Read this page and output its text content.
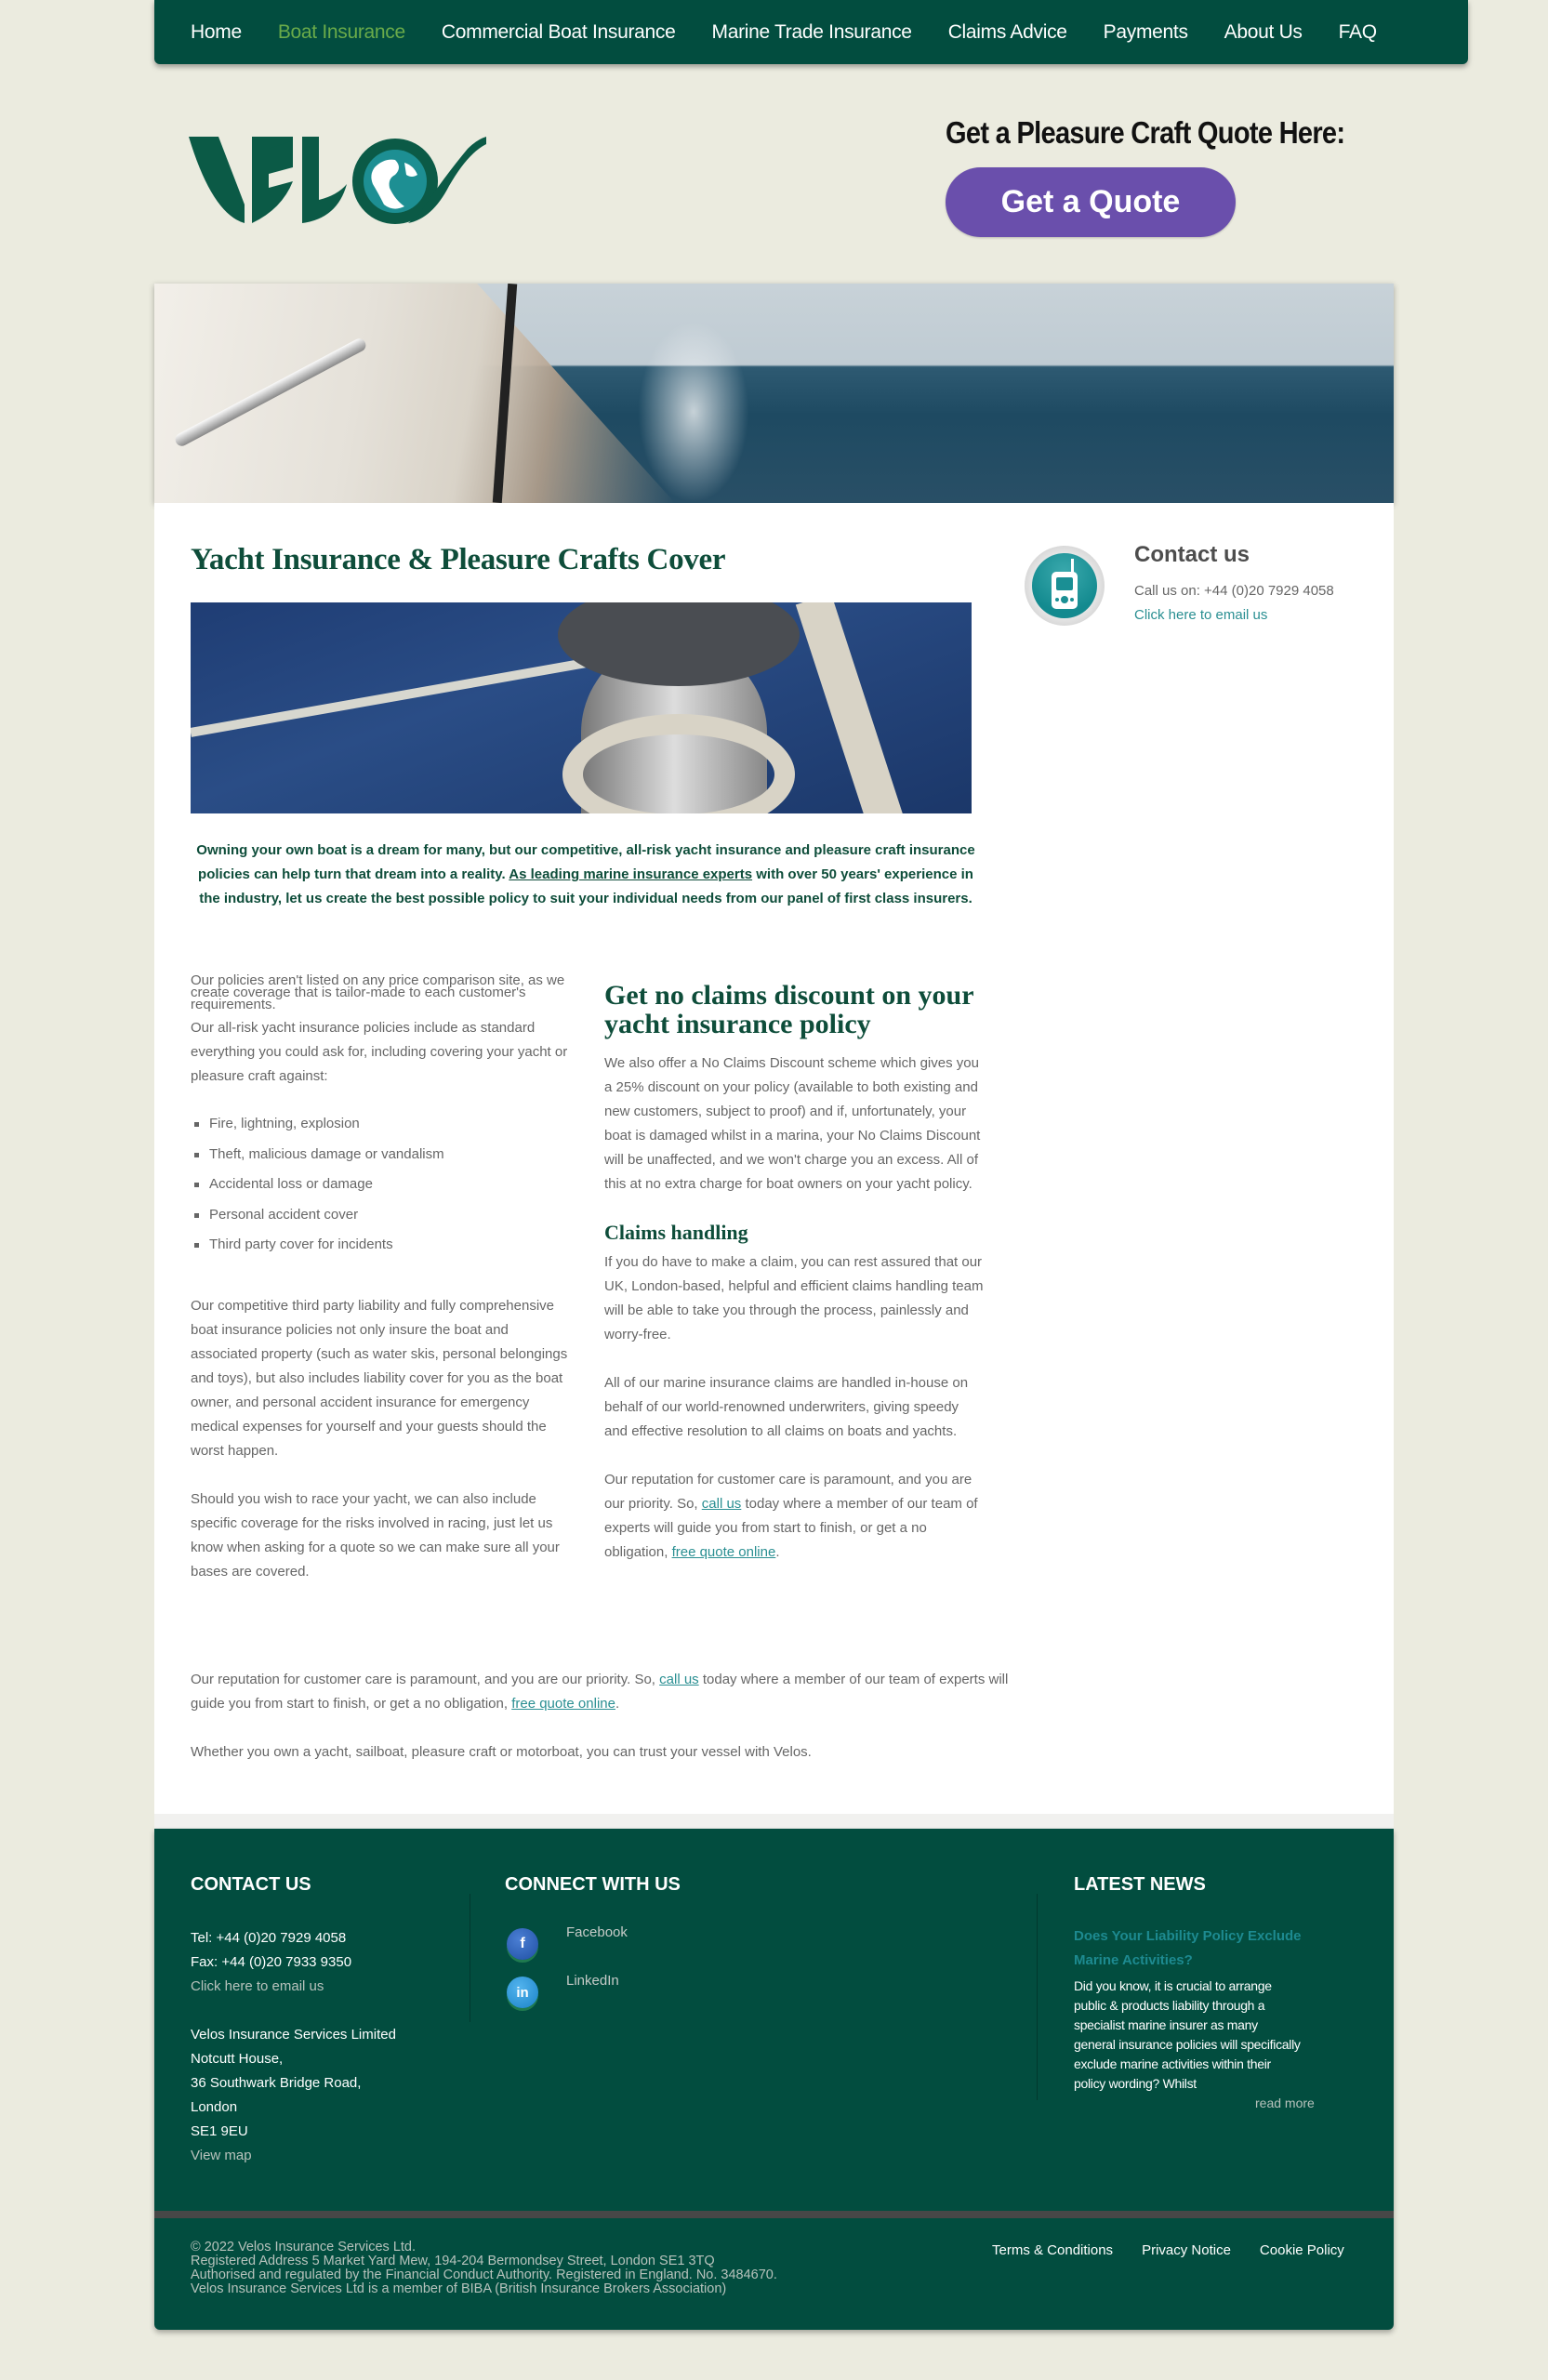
Home Boat Insurance Commercial Boat Insurance Marine Trade Insurance Claims Advice Payments About Us FAQ
Get a Pleasure Craft Quote Here:
Get a Quote
Yacht Insurance & Pleasure Crafts Cover

Owning your own boat is a dream for many, but our competitive, all-risk yacht insurance and pleasure craft insurance policies can help turn that dream into a reality. As leading marine insurance experts with over 50 years' experience in the industry, let us create the best possible policy to suit your individual needs from our panel of first class insurers.

Our policies aren't listed on any price comparison site, as we create coverage that is tailor-made to each customer's requirements.

Our all-risk yacht insurance policies include as standard everything you could ask for, including covering your yacht or pleasure craft against:

Fire, lightning, explosion
Theft, malicious damage or vandalism
Accidental loss or damage
Personal accident cover
Third party cover for incidents

Our competitive third party liability and fully comprehensive boat insurance policies not only insure the boat and associated property (such as water skis, personal belongings and toys), but also includes liability cover for you as the boat owner, and personal accident insurance for emergency medical expenses for yourself and your guests should the worst happen.

Should you wish to race your yacht, we can also include specific coverage for the risks involved in racing, just let us know when asking for a quote so we can make sure all your bases are covered.

Get no claims discount on your yacht insurance policy

We also offer a No Claims Discount scheme which gives you a 25% discount on your policy (available to both existing and new customers, subject to proof) and if, unfortunately, your boat is damaged whilst in a marina, your No Claims Discount will be unaffected, and we won't charge you an excess. All of this at no extra charge for boat owners on your yacht policy.

Claims handling

If you do have to make a claim, you can rest assured that our UK, London-based, helpful and efficient claims handling team will be able to take you through the process, painlessly and worry-free.

All of our marine insurance claims are handled in-house on behalf of our world-renowned underwriters, giving speedy and effective resolution to all claims on boats and yachts.

Our reputation for customer care is paramount, and you are our priority. So, call us today where a member of our team of experts will guide you from start to finish, or get a no obligation, free quote online.

Our reputation for customer care is paramount, and you are our priority. So, call us today where a member of our team of experts will guide you from start to finish, or get a no obligation, free quote online.

Whether you own a yacht, sailboat, pleasure craft or motorboat, you can trust your vessel with Velos.

Contact us
Call us on: +44 (0)20 7929 4058
Click here to email us
CONTACT US
Tel: +44 (0)20 7929 4058
Fax: +44 (0)20 7933 9350
Click here to email us
Velos Insurance Services Limited
Notcutt House,
36 Southwark Bridge Road,
London
SE1 9EU
View map
CONNECT WITH US
f
Facebook
in
LinkedIn
LATEST NEWS
Does Your Liability Policy Exclude Marine Activities?
Did you know, it is crucial to arrange public & products liability through a specialist marine insurer as many general insurance policies will specifically exclude marine activities within their policy wording? Whilst
read more
© 2022 Velos Insurance Services Ltd.
Registered Address 5 Market Yard Mew, 194-204 Bermondsey Street, London SE1 3TQ
Authorised and regulated by the Financial Conduct Authority. Registered in England. No. 3484670.
Velos Insurance Services Ltd is a member of BIBA (British Insurance Brokers Association)
Terms & Conditions Privacy Notice Cookie Policy
